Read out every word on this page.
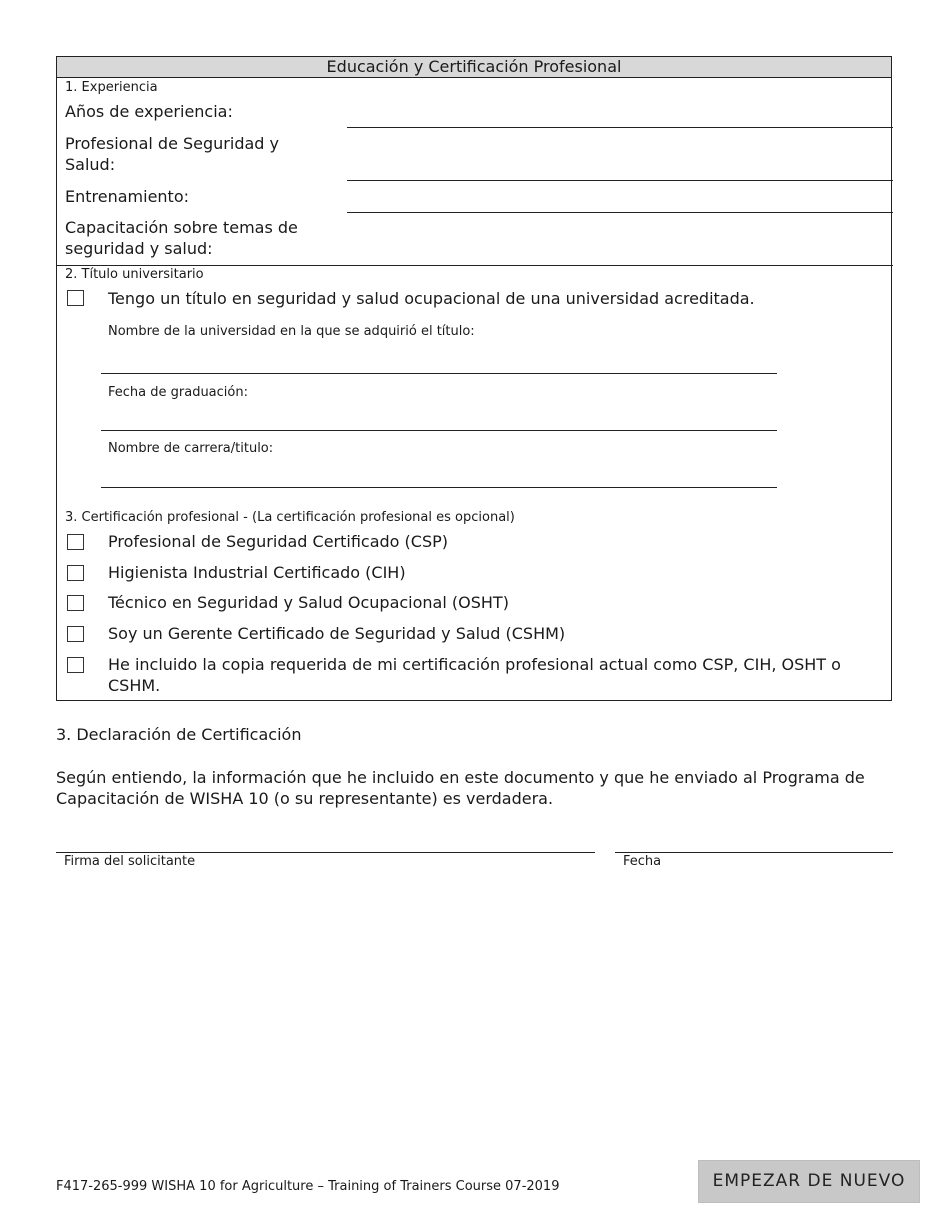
Educación y Certificación Profesional
1. Experiencia
Años de experiencia:
Profesional de Seguridad y Salud:
Entrenamiento:
Capacitación sobre temas de seguridad y salud:
2. Título universitario
Tengo un título en seguridad y salud ocupacional de una universidad acreditada.
Nombre de la universidad en la que se adquirió el título:
Fecha de graduación:
Nombre de carrera/titulo:
3. Certificación profesional - (La certificación profesional es opcional)
Profesional de Seguridad Certificado (CSP)
Higienista Industrial Certificado (CIH)
Técnico en Seguridad y Salud Ocupacional (OSHT)
Soy un Gerente Certificado de Seguridad y Salud (CSHM)
He incluido la copia requerida de mi certificación profesional actual como CSP, CIH, OSHT o CSHM.
3. Declaración de Certificación
Según entiendo, la información que he incluido en este documento y que he enviado al Programa de Capacitación de WISHA 10 (o su representante) es verdadera.
Firma del solicitante	Fecha
F417-265-999 WISHA 10 for Agriculture – Training of Trainers Course 07-2019	EMPEZAR DE NUEVO
